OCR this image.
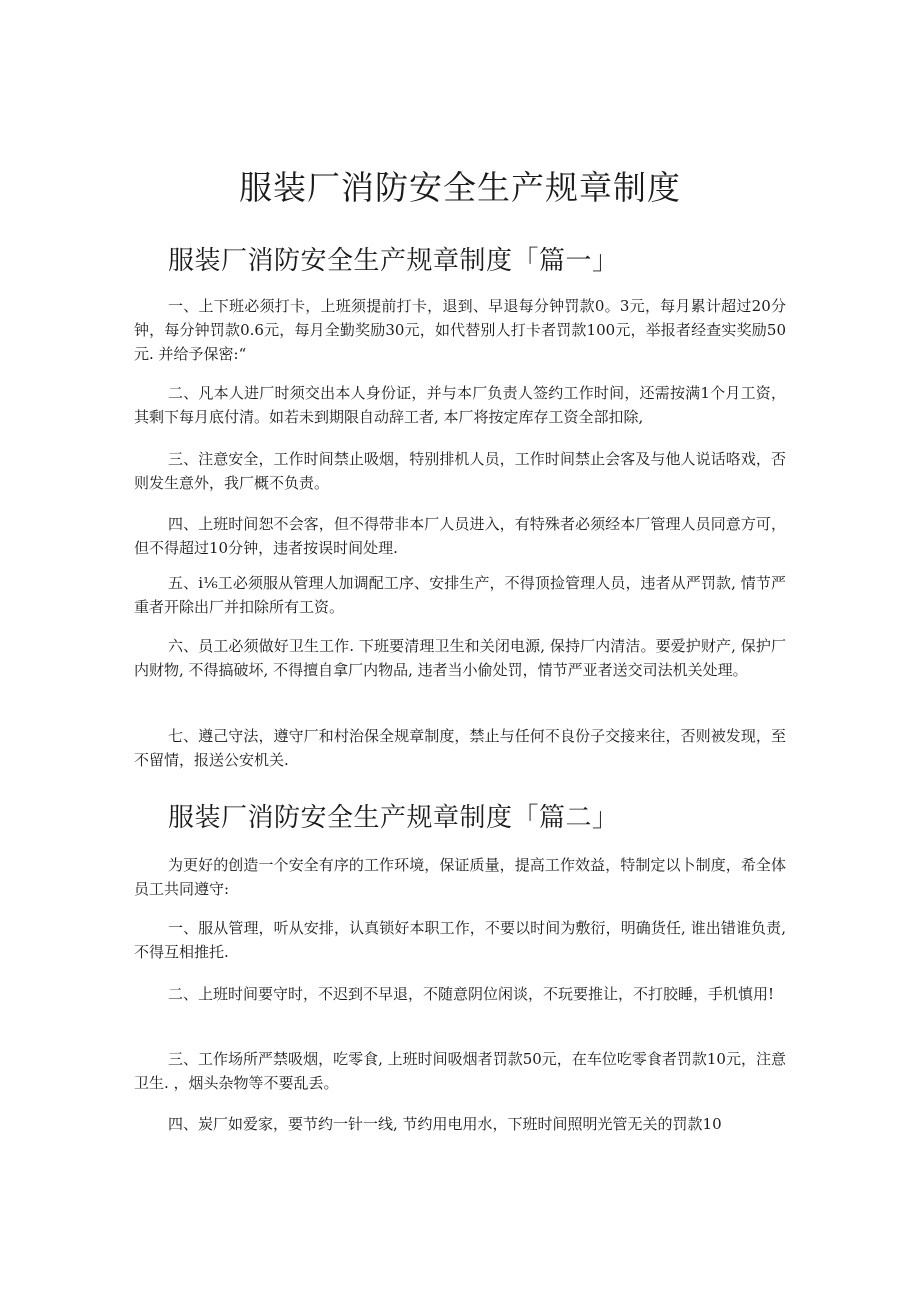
服装厂消防安全生产规章制度
服装厂消防安全生产规章制度「篇一」

一、上下班必须打卡，上班须提前打卡，退到、早退每分钟罚款0。3元，每月累计超过20分钟，每分钟罚款0.6元，每月全勤奖励30元，如代替别人打卡者罚款100元，举报者经查实奖励50元. 并给予保密:“

二、凡本人进厂时须交出本人身份证，并与本厂负责人签约工作时间，还需按满1个月工资，其剩下每月底付清。如若未到期限自动辞工者, 本厂将按定库存工资全部扣除,

三、注意安全，工作时间禁止吸烟，特别排机人员，工作时间禁止会客及与他人说话咯戏，否则发生意外，我厂概不负责。

四、上班时间恕不会客，但不得带非本厂人员进入，有特殊者必须经本厂管理人员同意方可，但不得超过10分钟，违者按误时间处理.

五、i⅙工必须服从管理人加调配工序、安排生产，不得顶捡管理人员，违者从严罚款, 情节严重者开除出厂并扣除所有工资。

六、员工必须做好卫生工作. 下班要清理卫生和关闭电源, 保持厂内清洁。要爱护财产, 保护厂内财物, 不得搞破坏, 不得擅自拿厂内物品, 违者当小偷处罚，情节严亚者送交司法机关处理。

七、遵己守法，遵守厂和村治保全规章制度，禁止与任何不良份子交接来往，否则被发现，至不留情，报送公安机关.

服装厂消防安全生产规章制度「篇二」

为更好的创造一个安全有序的工作环境，保证质量，提高工作效益，特制定以卜制度，希全体员工共同遵守:

一、服从管理，听从安排，认真锁好本职工作，不要以时间为敷衍，明确货任, 谁出错谁负责, 不得互相推托.

二、上班时间要守时，不迟到不早退，不随意阴位闲谈，不玩要推让，不打胶睡，手机慎用!

三、工作场所严禁吸烟，吃零食, 上班时间吸烟者罚款50元，在车位吃零食者罚款10元，注意卫生. ，烟头杂物等不要乱丢。

四、炭厂如爱家，要节约一针一线, 节约用电用水，下班时间照明光管无关的罚款10
